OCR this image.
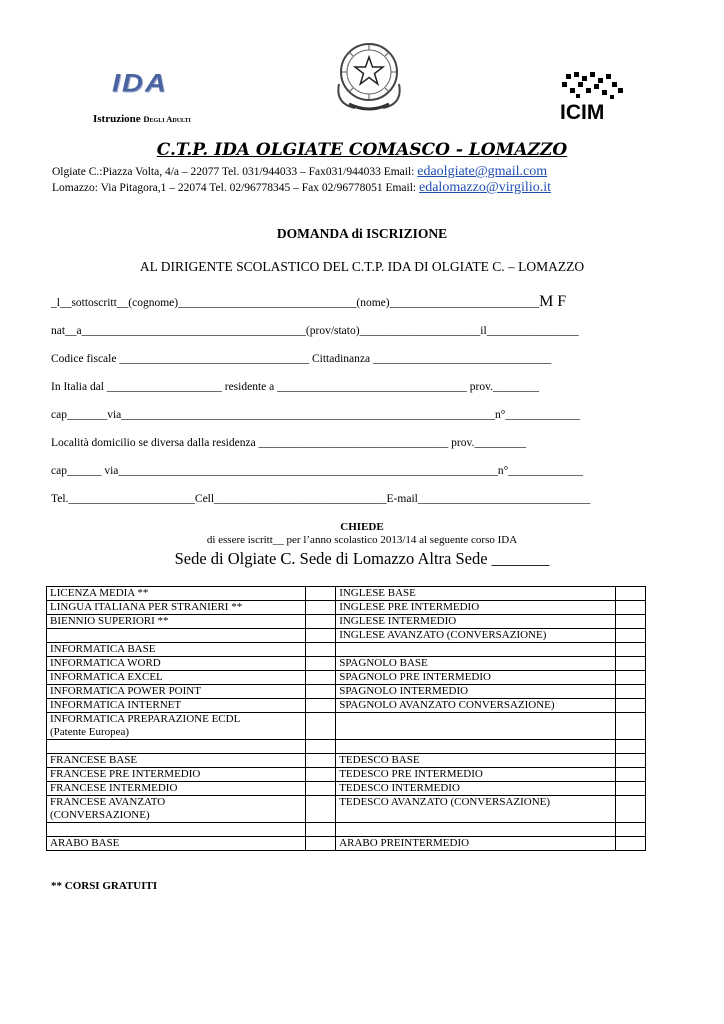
IDA
Istruzione Degli Adulti	ICIM
C.T.P. IDA OLGIATE COMASCO - LOMAZZO
Olgiate C.:Piazza Volta, 4/a – 22077 Tel. 031/944033 – Fax031/944033 Email: edaolgiate@gmail.com
Lomazzo: Via Pitagora,1 – 22074 Tel. 02/96778345 – Fax 02/96778051 Email: edalomazzo@virgilio.it
DOMANDA di ISCRIZIONE
AL DIRIGENTE SCOLASTICO DEL C.T.P. IDA DI OLGIATE C. – LOMAZZO
_l__sottoscritt__(cognome)_______________________________(nome)__________________________M F
nat__a_______________________________________(prov/stato)_____________________il________________
Codice fiscale _________________________________ Cittadinanza _______________________________
In Italia dal ____________________ residente a _________________________________ prov.________
cap_______via_________________________________________________________________n°_____________
Località domicilio se diversa dalla residenza _________________________________ prov._________
cap______ via__________________________________________________________________n°_____________
Tel.______________________Cell______________________________E-mail______________________________
CHIEDE
di essere iscritt__ per l’anno scolastico 2013/14 al seguente corso IDA
Sede di Olgiate C. Sede di Lomazzo Altra Sede _______
LICENZA MEDIA **		INGLESE BASE	
LINGUA ITALIANA PER STRANIERI **		INGLESE PRE INTERMEDIO	
BIENNIO SUPERIORI **		INGLESE INTERMEDIO	
		INGLESE AVANZATO (CONVERSAZIONE)	
INFORMATICA BASE			
INFORMATICA WORD		SPAGNOLO BASE	
INFORMATICA EXCEL		SPAGNOLO PRE INTERMEDIO	
INFORMATICA POWER POINT		SPAGNOLO INTERMEDIO	
INFORMATICA INTERNET		SPAGNOLO AVANZATO CONVERSAZIONE)	
INFORMATICA PREPARAZIONE ECDL
(Patente Europea)			

FRANCESE BASE		TEDESCO BASE	
FRANCESE PRE INTERMEDIO		TEDESCO PRE INTERMEDIO	
FRANCESE INTERMEDIO		TEDESCO INTERMEDIO	
FRANCESE AVANZATO
(CONVERSAZIONE)		TEDESCO AVANZATO (CONVERSAZIONE)	

ARABO BASE		ARABO PREINTERMEDIO	
** CORSI GRATUITI
